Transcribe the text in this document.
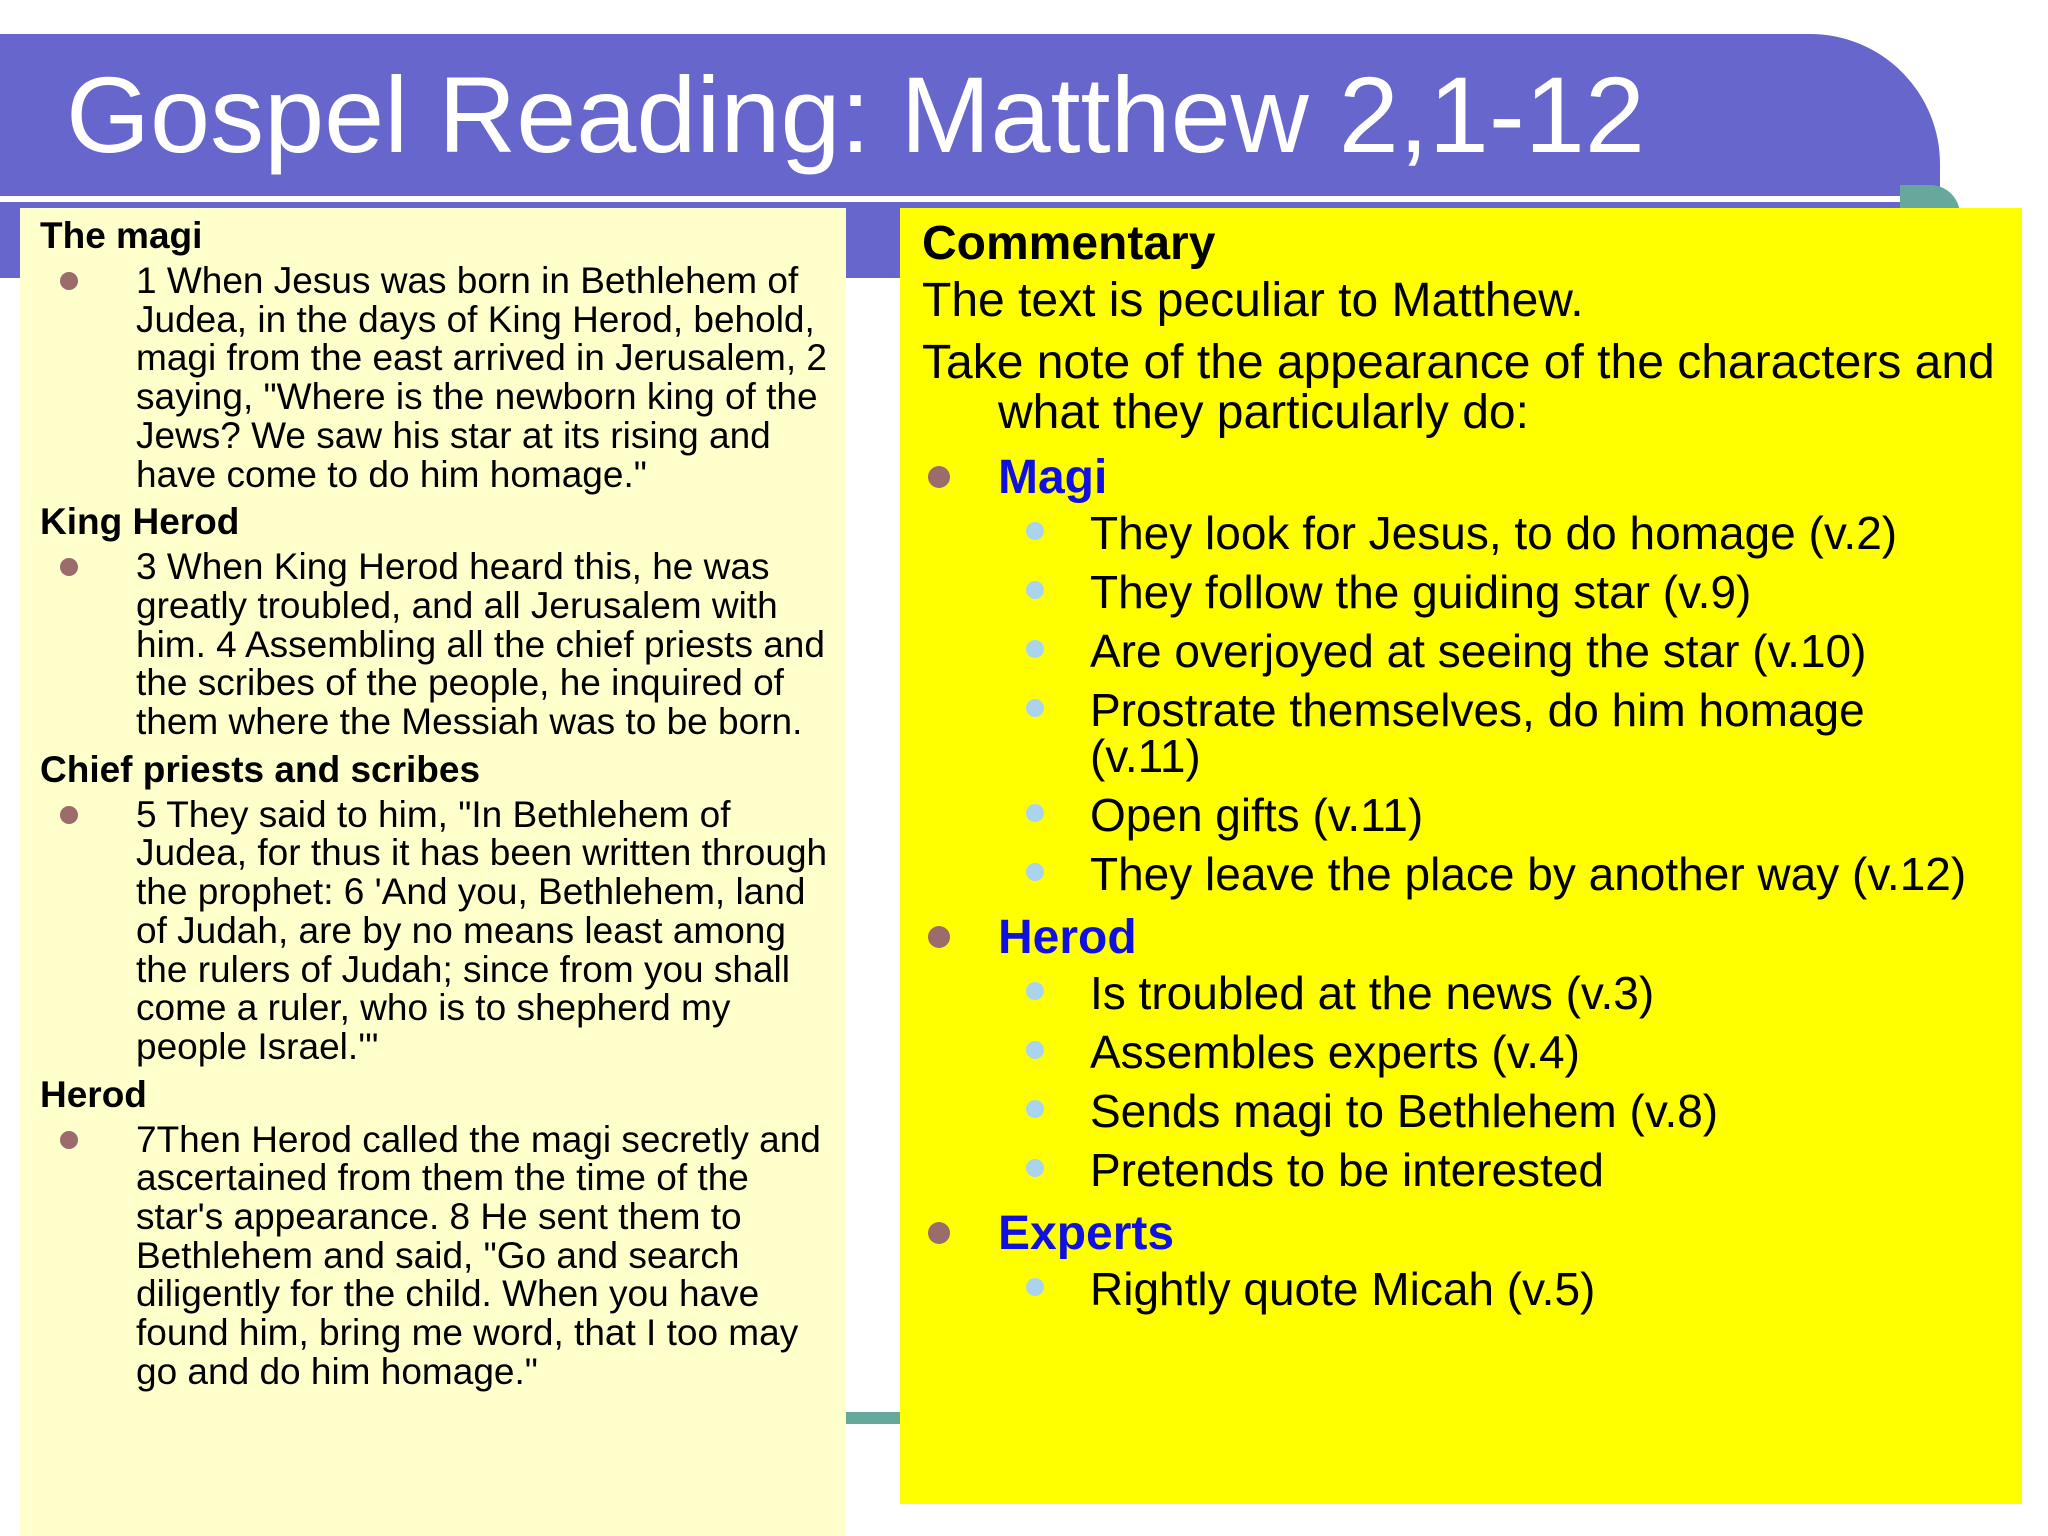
Gospel Reading: Matthew 2,1-12

The magi

1 When Jesus was born in Bethlehem of Judea, in the days of King Herod, behold, magi from the east arrived in Jerusalem, 2 saying, "Where is the newborn king of the Jews? We saw his star at its rising and have come to do him homage."

King Herod

3 When King Herod heard this, he was greatly troubled, and all Jerusalem with him. 4 Assembling all the chief priests and the scribes of the people, he inquired of them where the Messiah was to be born.

Chief priests and scribes

5 They said to him, "In Bethlehem of Judea, for thus it has been written through the prophet: 6 'And you, Bethlehem, land of Judah, are by no means least among the rulers of Judah; since from you shall come a ruler, who is to shepherd my people Israel.'"

Herod

7Then Herod called the magi secretly and ascertained from them the time of the star's appearance. 8 He sent them to Bethlehem and said, "Go and search diligently for the child. When you have found him, bring me word, that I too may go and do him homage."

Commentary

The text is peculiar to Matthew.

Take note of the appearance of the characters and what they particularly do:

Magi
They look for Jesus, to do homage (v.2)
They follow the guiding star (v.9)
Are overjoyed at seeing the star (v.10)
Prostrate themselves, do him homage (v.11)
Open gifts (v.11)
They leave the place by another way (v.12)
Herod
Is troubled at the news (v.3)
Assembles experts (v.4)
Sends magi to Bethlehem (v.8)
Pretends to be interested
Experts
Rightly quote Micah (v.5)
